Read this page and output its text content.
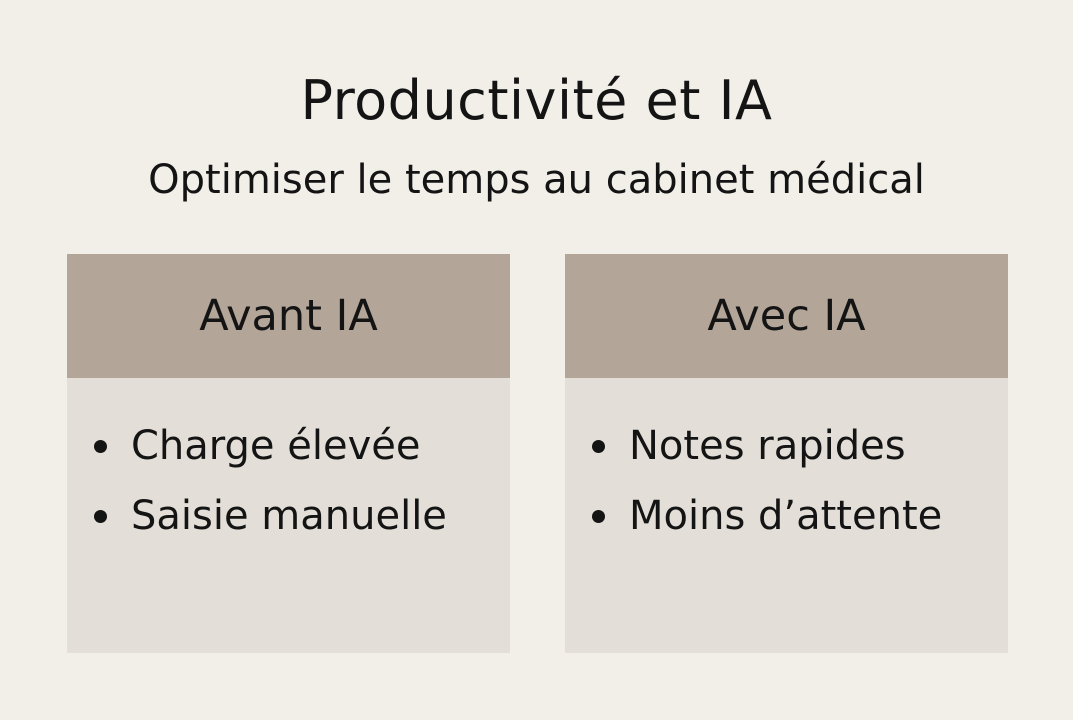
Productivité et IA
Optimiser le temps au cabinet médical
Avant IA
Charge élevée
Saisie manuelle
Avec IA
Notes rapides
Moins d’attente
